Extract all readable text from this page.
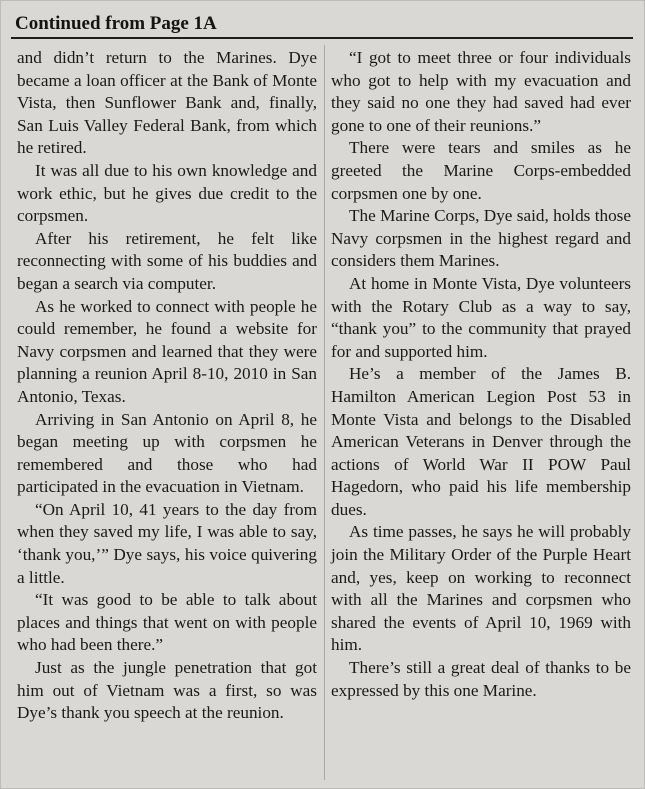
Continued from Page 1A

and didn’t return to the Marines. Dye became a loan officer at the Bank of Monte Vista, then Sunflower Bank and, finally, San Luis Valley Federal Bank, from which he retired.

It was all due to his own knowledge and work ethic, but he gives due credit to the corpsmen.

After his retirement, he felt like reconnecting with some of his buddies and began a search via computer.

As he worked to connect with people he could remember, he found a website for Navy corpsmen and learned that they were planning a reunion April 8-10, 2010 in San Antonio, Texas.

Arriving in San Antonio on April 8, he began meeting up with corpsmen he remembered and those who had participated in the evacuation in Vietnam.

“On April 10, 41 years to the day from when they saved my life, I was able to say, ‘thank you,’” Dye says, his voice quivering a little.

“It was good to be able to talk about places and things that went on with people who had been there.”

Just as the jungle penetration that got him out of Vietnam was a first, so was Dye’s thank you speech at the reunion.

“I got to meet three or four individuals who got to help with my evacuation and they said no one they had saved had ever gone to one of their reunions.”

There were tears and smiles as he greeted the Marine Corps-embedded corpsmen one by one.

The Marine Corps, Dye said, holds those Navy corpsmen in the highest regard and considers them Marines.

At home in Monte Vista, Dye volunteers with the Rotary Club as a way to say, “thank you” to the community that prayed for and supported him.

He’s a member of the James B. Hamilton American Legion Post 53 in Monte Vista and belongs to the Disabled American Veterans in Denver through the actions of World War II POW Paul Hagedorn, who paid his life membership dues.

As time passes, he says he will probably join the Military Order of the Purple Heart and, yes, keep on working to reconnect with all the Marines and corpsmen who shared the events of April 10, 1969 with him.

There’s still a great deal of thanks to be expressed by this one Marine.
